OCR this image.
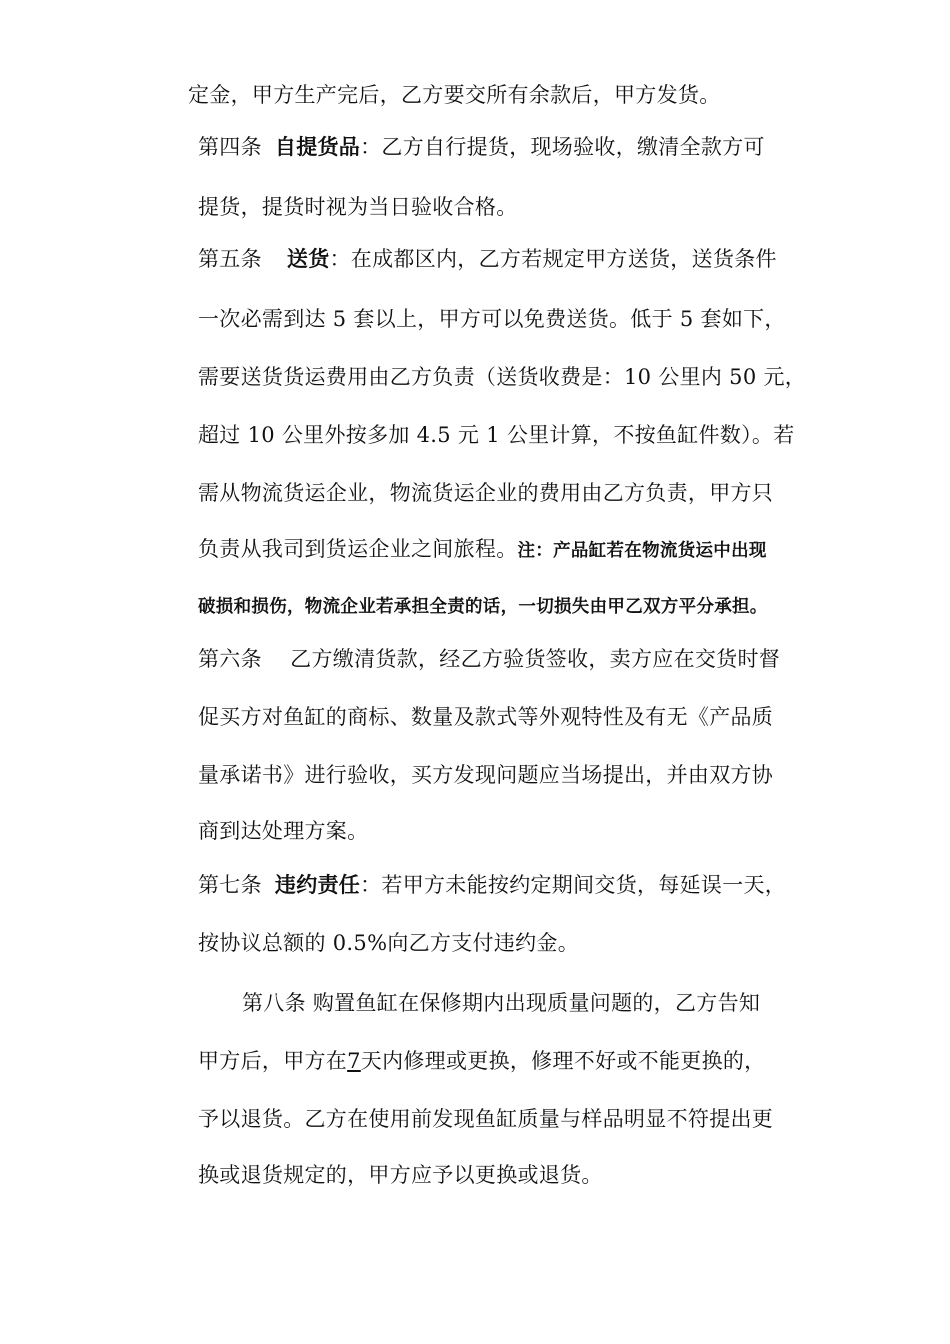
定金，甲方生产完后，乙方要交所有余款后，甲方发货。
第四条 自提货品：乙方自行提货，现场验收，缴清全款方可
提货，提货时视为当日验收合格。
第五条 送货：在成都区内，乙方若规定甲方送货，送货条件
一次必需到达 5 套以上，甲方可以免费送货。低于 5 套如下，
需要送货货运费用由乙方负责（送货收费是：10 公里内 50 元，
超过 10 公里外按多加 4.5 元 1 公里计算，不按鱼缸件数）。若
需从物流货运企业，物流货运企业的费用由乙方负责，甲方只
负责从我司到货运企业之间旅程。注：产品缸若在物流货运中出现
破损和损伤，物流企业若承担全责的话，一切损失由甲乙双方平分承担。
第六条　 乙方缴清货款，经乙方验货签收，卖方应在交货时督
促买方对鱼缸的商标、数量及款式等外观特性及有无《产品质
量承诺书》进行验收，买方发现问题应当场提出，并由双方协
商到达处理方案。
第七条 违约责任：若甲方未能按约定期间交货，每延误一天，
按协议总额的 0.5%向乙方支付违约金。
第八条 购置鱼缸在保修期内出现质量问题的，乙方告知
甲方后，甲方在7天内修理或更换，修理不好或不能更换的，
予以退货。乙方在使用前发现鱼缸质量与样品明显不符提出更
换或退货规定的，甲方应予以更换或退货。
